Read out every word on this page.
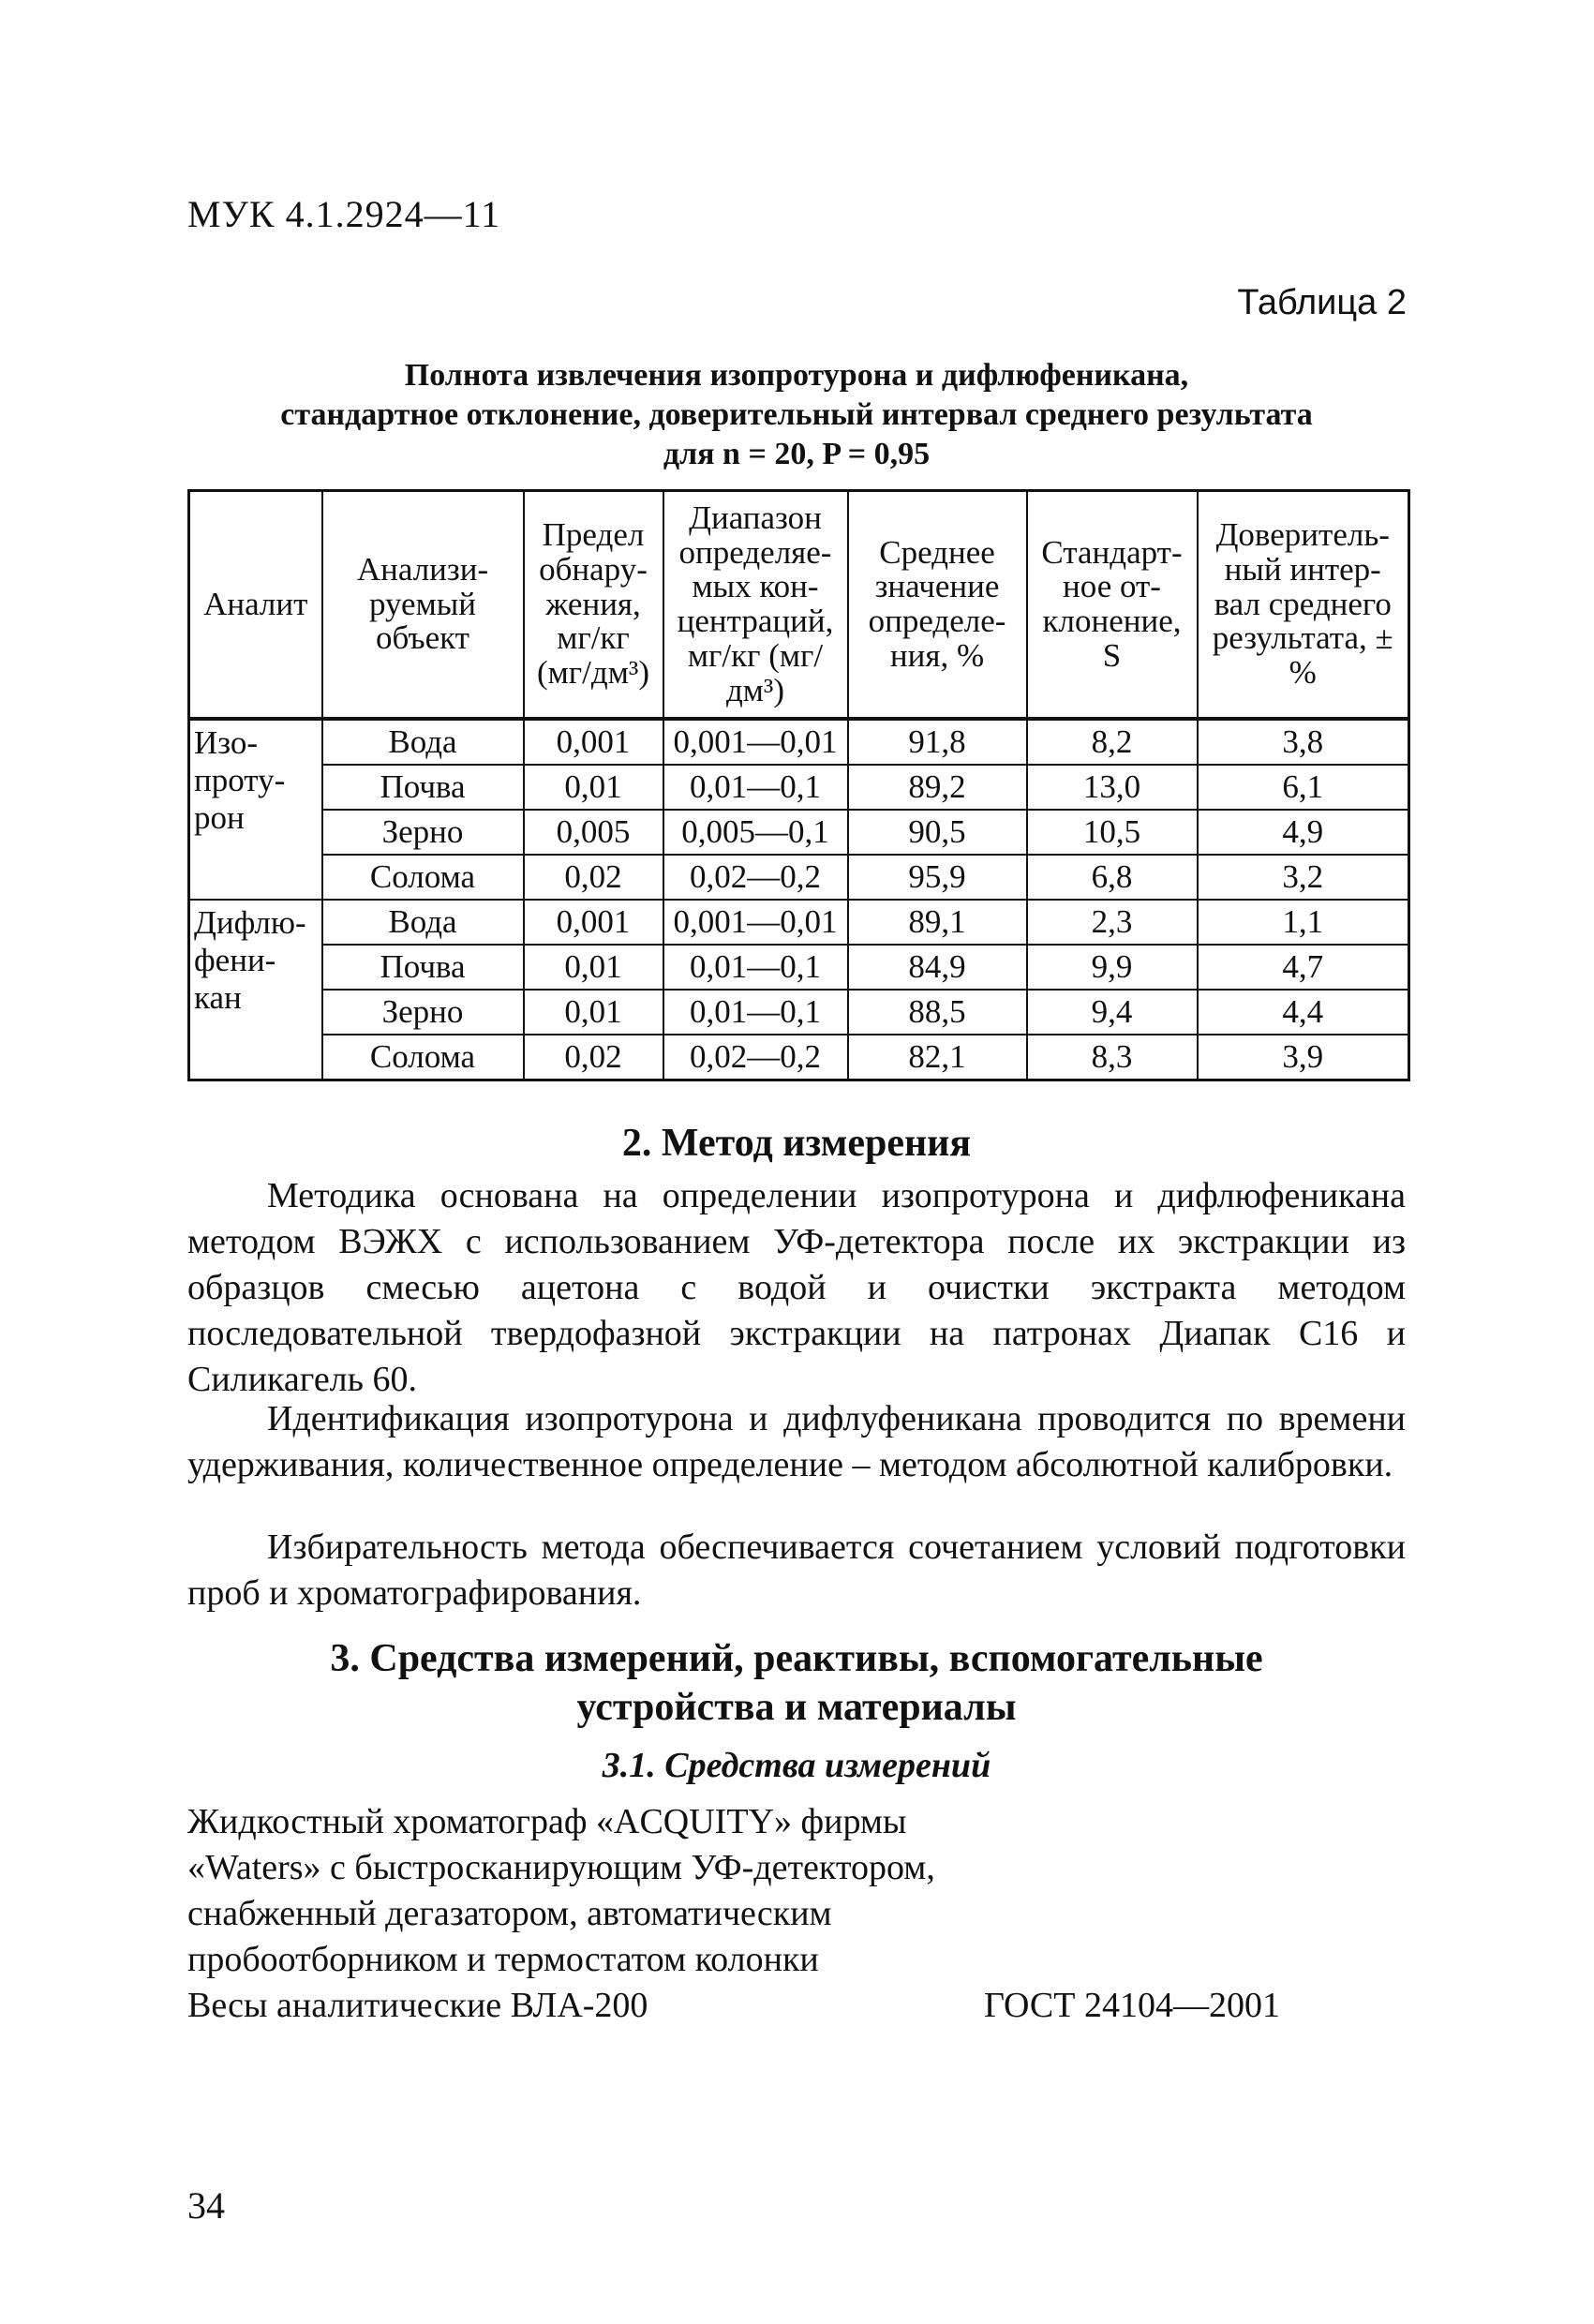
МУК 4.1.2924—11
Таблица 2
Полнота извлечения изопротурона и дифлюфеникана,
стандартное отклонение, доверительный интервал среднего результата
для n = 20, P = 0,95
Аналит	Анализи-руемый объект	Предел обнару-жения, мг/кг (мг/дм³)	Диапазон определяе-мых кон-центраций, мг/кг (мг/дм³)	Среднее значение определе-ния, %	Стандарт-ное от-клонение, S	Доверитель-ный интер-вал среднего результата, ± %
Изо-проту-рон	Вода	0,001	0,001—0,01	91,8	8,2	3,8
	Почва	0,01	0,01—0,1	89,2	13,0	6,1
	Зерно	0,005	0,005—0,1	90,5	10,5	4,9
	Солома	0,02	0,02—0,2	95,9	6,8	3,2
Дифлю-фени-кан	Вода	0,001	0,001—0,01	89,1	2,3	1,1
	Почва	0,01	0,01—0,1	84,9	9,9	4,7
	Зерно	0,01	0,01—0,1	88,5	9,4	4,4
	Солома	0,02	0,02—0,2	82,1	8,3	3,9
2. Метод измерения
Методика основана на определении изопротурона и дифлюфеникана методом ВЭЖХ с использованием УФ-детектора после их экстракции из образцов смесью ацетона с водой и очистки экстракта методом последовательной твердофазной экстракции на патронах Диапак С16 и Силикагель 60.
Идентификация изопротурона и дифлуфеникана проводится по времени удерживания, количественное определение – методом абсолютной калибровки.
Избирательность метода обеспечивается сочетанием условий подготовки проб и хроматографирования.
3. Средства измерений, реактивы, вспомогательные
устройства и материалы
3.1. Средства измерений
Жидкостный хроматограф «ACQUITY» фирмы
«Waters» с быстросканирующим УФ-детектором,
снабженный дегазатором, автоматическим
пробоотборником и термостатом колонки
Весы аналитические ВЛА-200	ГОСТ 24104—2001
34
